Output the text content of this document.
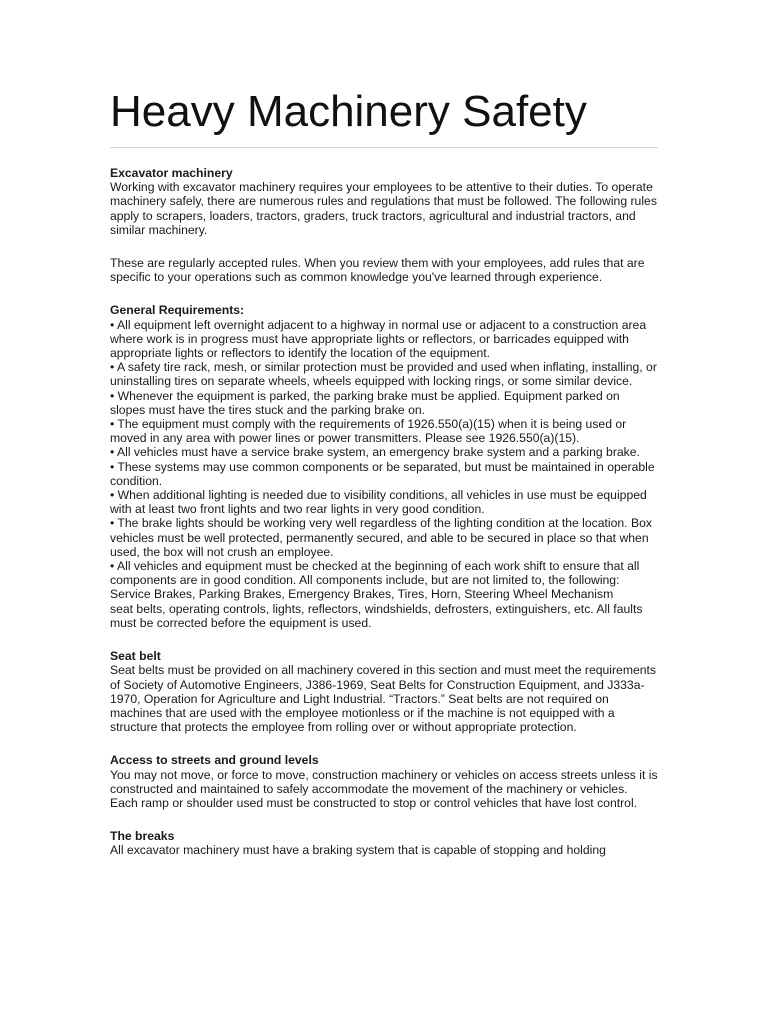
Heavy Machinery Safety

Excavator machinery

Working with excavator machinery requires your employees to be attentive to their duties. To operate machinery safely, there are numerous rules and regulations that must be followed. The following rules apply to scrapers, loaders, tractors, graders, truck tractors, agricultural and industrial tractors, and similar machinery.

These are regularly accepted rules. When you review them with your employees, add rules that are specific to your operations such as common knowledge you've learned through experience.

General Requirements:

• All equipment left overnight adjacent to a highway in normal use or adjacent to a construction area where work is in progress must have appropriate lights or reflectors, or barricades equipped with appropriate lights or reflectors to identify the location of the equipment.

• A safety tire rack, mesh, or similar protection must be provided and used when inflating, installing, or uninstalling tires on separate wheels, wheels equipped with locking rings, or some similar device.

• Whenever the equipment is parked, the parking brake must be applied. Equipment parked on slopes must have the tires stuck and the parking brake on.

• The equipment must comply with the requirements of 1926.550(a)(15) when it is being used or moved in any area with power lines or power transmitters. Please see 1926.550(a)(15).

• All vehicles must have a service brake system, an emergency brake system and a parking brake.

• These systems may use common components or be separated, but must be maintained in operable condition.

• When additional lighting is needed due to visibility conditions, all vehicles in use must be equipped with at least two front lights and two rear lights in very good condition.

• The brake lights should be working very well regardless of the lighting condition at the location. Box vehicles must be well protected, permanently secured, and able to be secured in place so that when used, the box will not crush an employee.

• All vehicles and equipment must be checked at the beginning of each work shift to ensure that all components are in good condition. All components include, but are not limited to, the following: Service Brakes, Parking Brakes, Emergency Brakes, Tires, Horn, Steering Wheel Mechanism

seat belts, operating controls, lights, reflectors, windshields, defrosters, extinguishers, etc. All faults must be corrected before the equipment is used.

Seat belt

Seat belts must be provided on all machinery covered in this section and must meet the requirements of Society of Automotive Engineers, J386-1969, Seat Belts for Construction Equipment, and J333a-1970, Operation for Agriculture and Light Industrial. “Tractors.” Seat belts are not required on machines that are used with the employee motionless or if the machine is not equipped with a structure that protects the employee from rolling over or without appropriate protection.

Access to streets and ground levels

You may not move, or force to move, construction machinery or vehicles on access streets unless it is constructed and maintained to safely accommodate the movement of the machinery or vehicles. Each ramp or shoulder used must be constructed to stop or control vehicles that have lost control.

The breaks

All excavator machinery must have a braking system that is capable of stopping and holding
